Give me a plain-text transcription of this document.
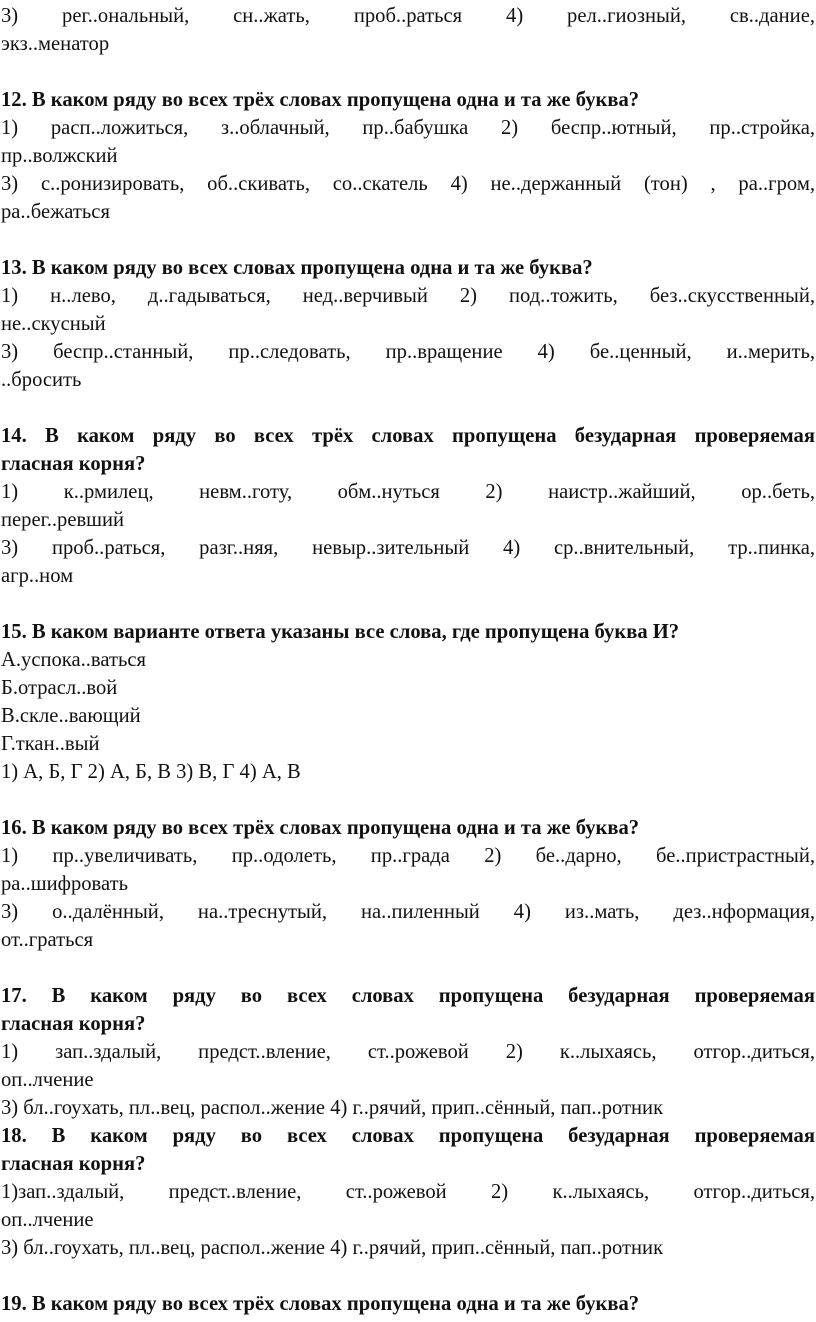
3) рег..ональный, сн..жать, проб..раться 4) рел..гиозный, св..дание,
экз..менатор
12. В каком ряду во всех трёх словах пропущена одна и та же буква?
1) расп..ложиться, з..облачный, пр..бабушка 2) беспр..ютный, пр..стройка,
пр..волжский
3) с..ронизировать, об..скивать, со..скатель 4) не..держанный (тон) , ра..гром,
ра..бежаться
13. В каком ряду во всех словах пропущена одна и та же буква?
1) н..лево, д..гадываться, нед..верчивый 2) под..тожить, без..скусственный,
не..скусный
3) беспр..станный, пр..следовать, пр..вращение 4) бе..ценный, и..мерить,
..бросить
14. В каком ряду во всех трёх словах пропущена безударная проверяемая
гласная корня?
1) к..рмилец, невм..готу, обм..нуться 2) наистр..жайший, ор..беть,
перег..ревший
3) проб..раться, разг..няя, невыр..зительный 4) ср..внительный, тр..пинка,
агр..ном
15. В каком варианте ответа указаны все слова, где пропущена буква И?
А.успока..ваться
Б.отрасл..вой
В.скле..вающий
Г.ткан..вый
1) А, Б, Г 2) А, Б, В 3) В, Г 4) А, В
16. В каком ряду во всех трёх словах пропущена одна и та же буква?
1) пр..увеличивать, пр..одолеть, пр..града 2) бе..дарно, бе..пристрастный,
ра..шифровать
3) о..далённый, на..треснутый, на..пиленный 4) из..мать, дез..нформация,
от..граться
17. В каком ряду во всех словах пропущена безударная проверяемая
гласная корня?
1) зап..здалый, предст..вление, ст..рожевой 2) к..лыхаясь, отгор..диться,
оп..лчение
3) бл..гоухать, пл..вец, распол..жение 4) г..рячий, прип..сённый, пап..ротник
18. В каком ряду во всех словах пропущена безударная проверяемая
гласная корня?
1)зап..здалый, предст..вление, ст..рожевой 2) к..лыхаясь, отгор..диться,
оп..лчение
3) бл..гоухать, пл..вец, распол..жение 4) г..рячий, прип..сённый, пап..ротник
19. В каком ряду во всех трёх словах пропущена одна и та же буква?
